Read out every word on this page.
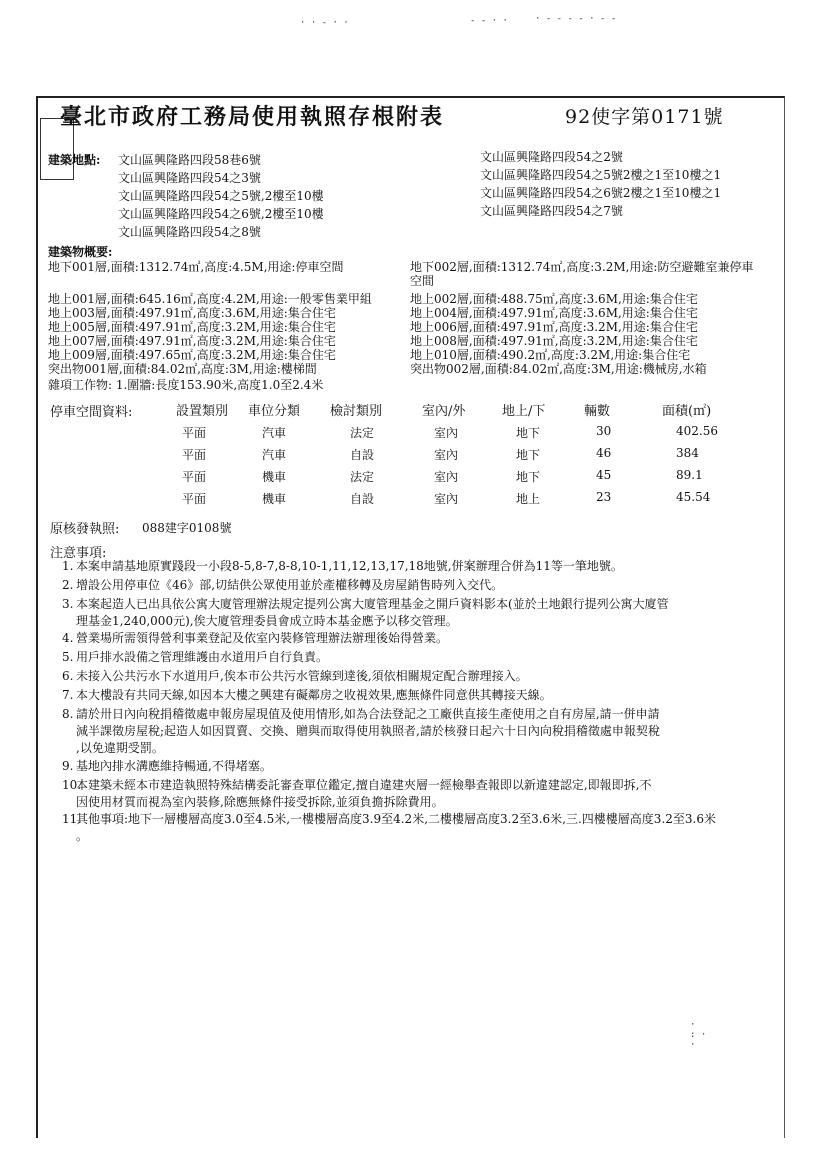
· · - · ·	- - · ·	· - - - - · - -
·
: ·
·
臺北市政府工務局使用執照存根附表	92使字第0171號
建築地點: 文山區興隆路四段58巷6號
文山區興隆路四段54之3號
文山區興隆路四段54之5號,2樓至10樓
文山區興隆路四段54之6號,2樓至10樓
文山區興隆路四段54之8號
文山區興隆路四段54之2號
文山區興隆路四段54之5號2樓之1至10樓之1
文山區興隆路四段54之6號2樓之1至10樓之1
文山區興隆路四段54之7號
建築物概要:
地下001層,面積:1312.74㎡,高度:4.5M,用途:停車空間	地下002層,面積:1312.74㎡,高度:3.2M,用途:防空避難室兼停車
空間
地上001層,面積:645.16㎡,高度:4.2M,用途:一般零售業甲組
地上003層,面積:497.91㎡,高度:3.6M,用途:集合住宅
地上005層,面積:497.91㎡,高度:3.2M,用途:集合住宅
地上007層,面積:497.91㎡,高度:3.2M,用途:集合住宅
地上009層,面積:497.65㎡,高度:3.2M,用途:集合住宅
突出物001層,面積:84.02㎡,高度:3M,用途:樓梯間
地上002層,面積:488.75㎡,高度:3.6M,用途:集合住宅
地上004層,面積:497.91㎡,高度:3.6M,用途:集合住宅
地上006層,面積:497.91㎡,高度:3.2M,用途:集合住宅
地上008層,面積:497.91㎡,高度:3.2M,用途:集合住宅
地上010層,面積:490.2㎡,高度:3.2M,用途:集合住宅
突出物002層,面積:84.02㎡,高度:3M,用途:機械房,水箱
雜項工作物: 1.圍牆:長度153.90米,高度1.0至2.4米
停車空間資料:	設置類別 車位分類 檢討類別	室內/外	地上/下	輛數	面積(㎡)
平面	汽車	法定	室內	地下	30	402.56
平面	汽車	自設	室內	地下	46	384
平面	機車	法定	室內	地下	45	89.1
平面	機車	自設	室內	地上	23	45.54
原核發執照: 088建字0108號
注意事項:
1. 本案申請基地原實踐段一小段8-5,8-7,8-8,10-1,11,12,13,17,18地號,併案辦理合併為11等一筆地號。
2. 增設公用停車位《46》部,切結供公眾使用並於產權移轉及房屋銷售時列入交代。
3. 本案起造人已出具依公寓大廈管理辦法規定提列公寓大廈管理基金之開戶資料影本(並於土地銀行提列公寓大廈管
理基金1,240,000元),俟大廈管理委員會成立時本基金應予以移交管理。
4. 營業場所需領得營利事業登記及依室內裝修管理辦法辦理後始得營業。
5. 用戶排水設備之管理維護由水道用戶自行負責。
6. 未接入公共污水下水道用戶,俟本市公共污水管線到達後,須依相關規定配合辦理接入。
7. 本大樓設有共同天線,如因本大樓之興建有礙鄰房之收視效果,應無條件同意供其轉接天線。
8. 請於卅日內向稅捐稽徵處申報房屋現值及使用情形,如為合法登記之工廠供直接生產使用之自有房屋,請一併申請
減半課徵房屋稅;起造人如因買賣、交換、贈與而取得使用執照者,請於核發日起六十日內向稅捐稽徵處申報契稅
,以免違期受罰。
9. 基地內排水溝應維持暢通,不得堵塞。
10.本建築未經本市建造執照特殊結構委託審查單位鑑定,擅自違建夾層一經檢舉查報即以新違建認定,即報即拆,不
因使用材質而視為室內裝修,除應無條件接受拆除,並須負擔拆除費用。
11.其他事項:地下一層樓層高度3.0至4.5米,一樓樓層高度3.9至4.2米,二樓樓層高度3.2至3.6米,三.四樓樓層高度3.2至3.6米
。
